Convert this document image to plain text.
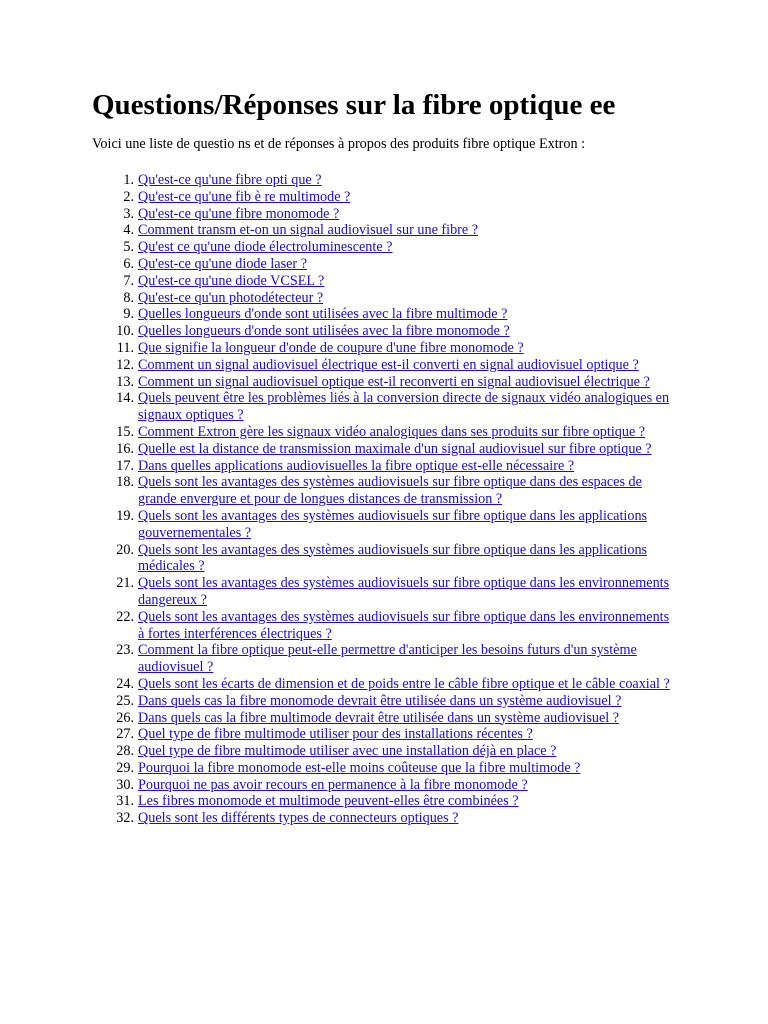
Questions/Réponses sur la fibre optique ee

Voici une liste de questio ns et de réponses à propos des produits fibre optique Extron :

1. Qu'est-ce qu'une fibre opti que ?
2. Qu'est-ce qu'une fib è re multimode ?
3. Qu'est-ce qu'une fibre monomode ?
4. Comment transm et-on un signal audiovisuel sur une fibre ?
5. Qu'est ce qu'une diode électroluminescente ?
6. Qu'est-ce qu'une diode laser ?
7. Qu'est-ce qu'une diode VCSEL ?
8. Qu'est-ce qu'un photodétecteur ?
9. Quelles longueurs d'onde sont utilisées avec la fibre multimode ?
10. Quelles longueurs d'onde sont utilisées avec la fibre monomode ?
11. Que signifie la longueur d'onde de coupure d'une fibre monomode ?
12. Comment un signal audiovisuel électrique est-il converti en signal audiovisuel optique ?
13. Comment un signal audiovisuel optique est-il reconverti en signal audiovisuel électrique ?
14. Quels peuvent être les problèmes liés à la conversion directe de signaux vidéo analogiques en signaux optiques ?
15. Comment Extron gère les signaux vidéo analogiques dans ses produits sur fibre optique ?
16. Quelle est la distance de transmission maximale d'un signal audiovisuel sur fibre optique ?
17. Dans quelles applications audiovisuelles la fibre optique est-elle nécessaire ?
18. Quels sont les avantages des systèmes audiovisuels sur fibre optique dans des espaces de grande envergure et pour de longues distances de transmission ?
19. Quels sont les avantages des systèmes audiovisuels sur fibre optique dans les applications gouvernementales ?
20. Quels sont les avantages des systèmes audiovisuels sur fibre optique dans les applications médicales ?
21. Quels sont les avantages des systèmes audiovisuels sur fibre optique dans les environnements dangereux ?
22. Quels sont les avantages des systèmes audiovisuels sur fibre optique dans les environnements à fortes interférences électriques ?
23. Comment la fibre optique peut-elle permettre d'anticiper les besoins futurs d'un système audiovisuel ?
24. Quels sont les écarts de dimension et de poids entre le câble fibre optique et le câble coaxial ?
25. Dans quels cas la fibre monomode devrait être utilisée dans un système audiovisuel ?
26. Dans quels cas la fibre multimode devrait être utilisée dans un système audiovisuel ?
27. Quel type de fibre multimode utiliser pour des installations récentes ?
28. Quel type de fibre multimode utiliser avec une installation déjà en place ?
29. Pourquoi la fibre monomode est-elle moins coûteuse que la fibre multimode ?
30. Pourquoi ne pas avoir recours en permanence à la fibre monomode ?
31. Les fibres monomode et multimode peuvent-elles être combinées ?
32. Quels sont les différents types de connecteurs optiques ?
